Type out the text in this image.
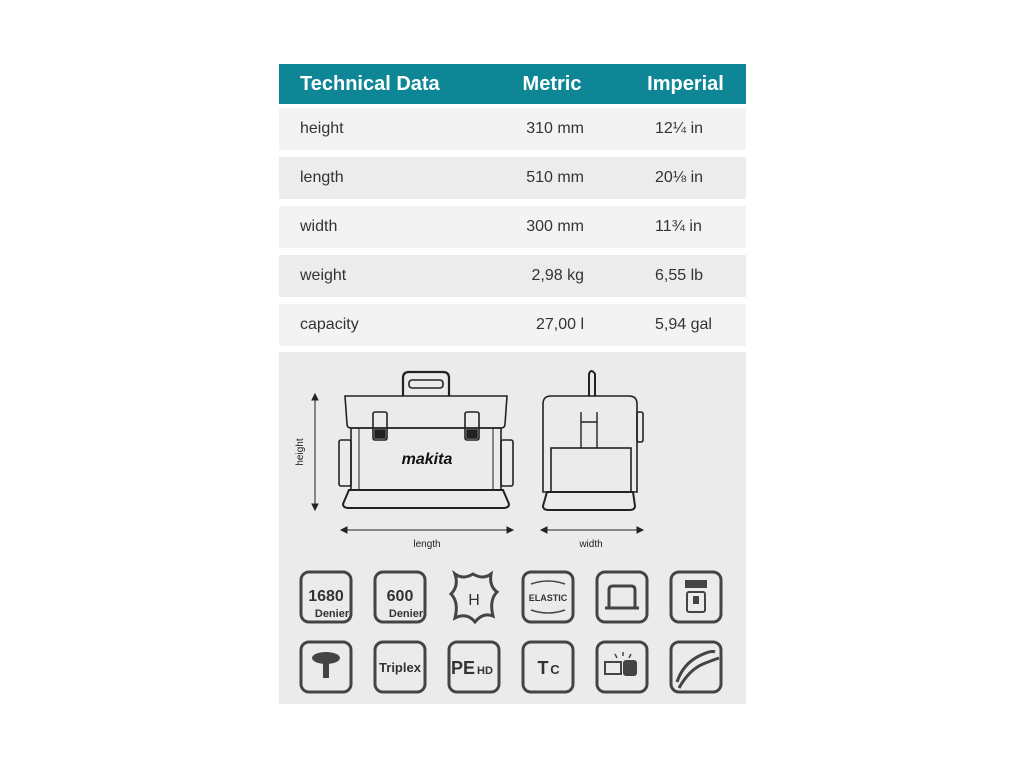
Technical Data	Metric	Imperial
height	310 mm	12¼ in
length	510 mm	20⅛ in
width	300 mm	11¾ in
weight	2,98 kg	6,55 lb
capacity	27,00 l	5,94 gal
makita
height
length	width
1680
Denier
600
Denier
H	ELASTIC
Triplex PE HD T C
